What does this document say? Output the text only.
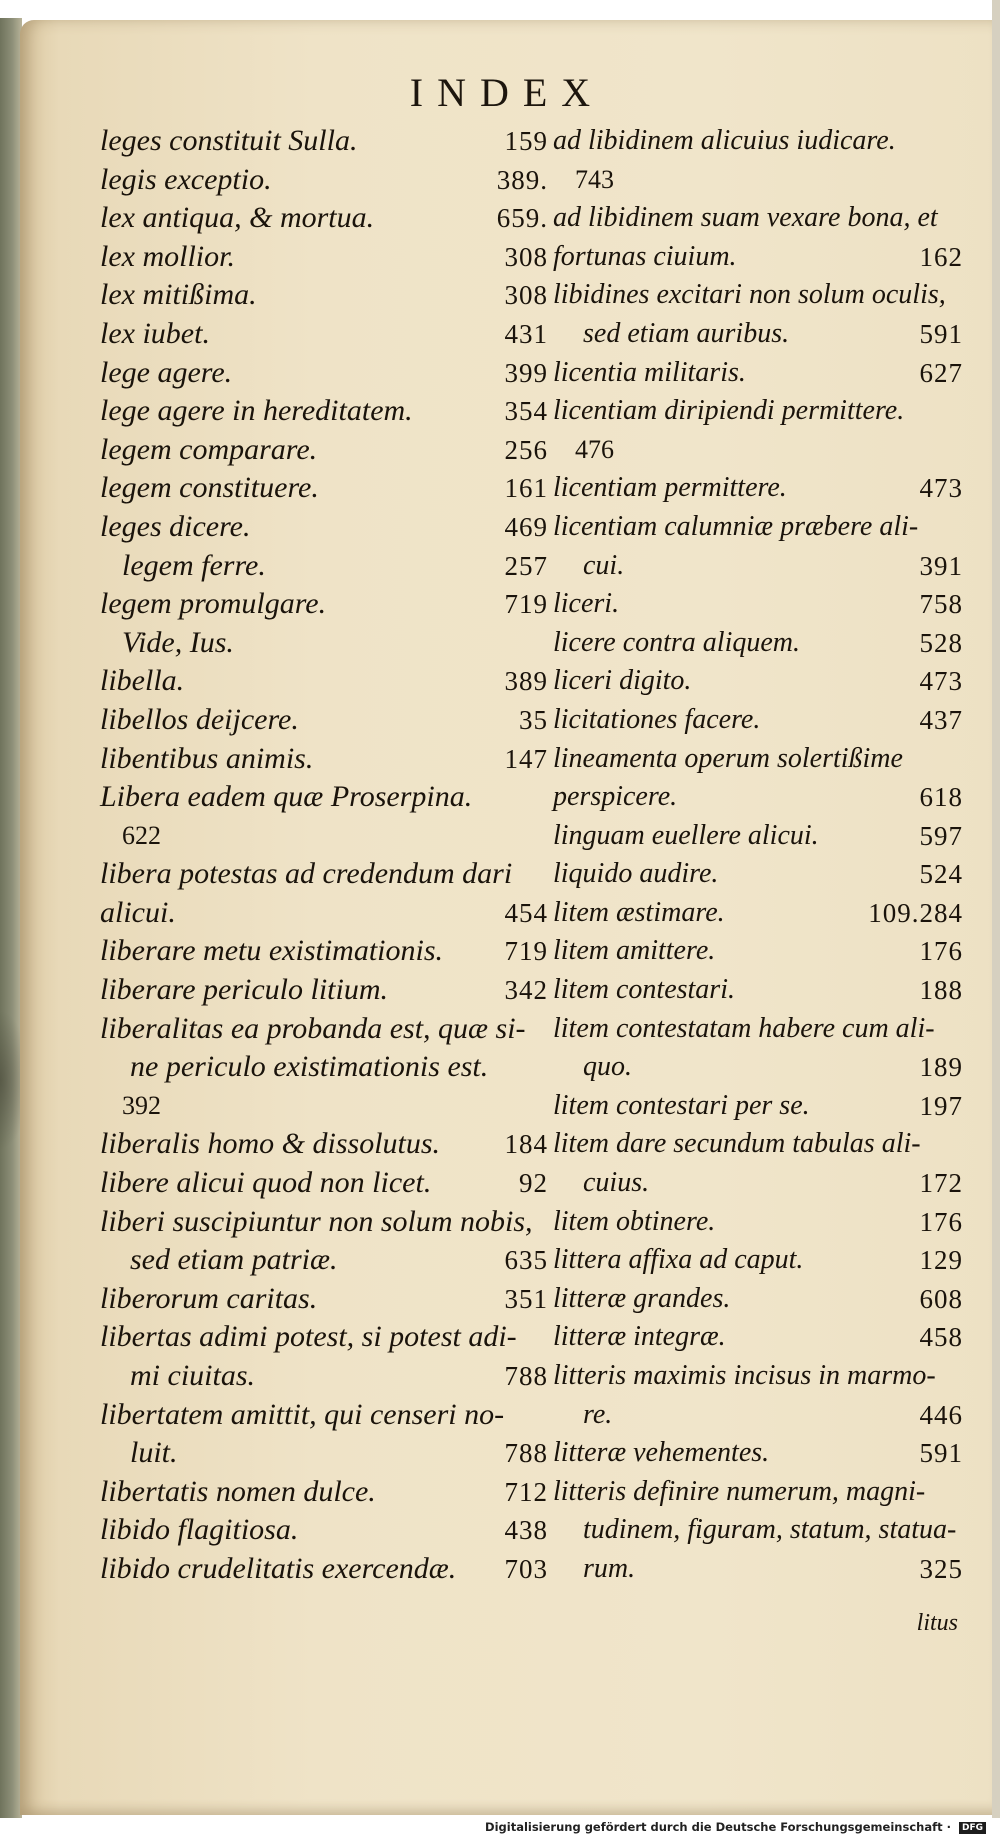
INDEX
leges constituit Sulla.	159
legis exceptio.	389.
lex antiqua, & mortua.	659.
lex mollior.	308
lex mitißima.	308
lex iubet.	431
lege agere.	399
lege agere in hereditatem.	354
legem comparare.	256
legem constituere.	161
leges dicere.	469
legem ferre.	257
legem promulgare.	719
Vide, Ius.
libella.	389
libellos deijcere.	35
libentibus animis.	147
Libera eadem quæ Proserpina.
622
libera potestas ad credendum dari
alicui.	454
liberare metu existimationis. 719
liberare periculo litium.	342
liberalitas ea probanda est, quæ si-
ne periculo existimationis est.
392
liberalis homo & dissolutus. 184
libere alicui quod non licet.	92
liberi suscipiuntur non solum nobis,
sed etiam patriæ.	635
liberorum caritas.	351
libertas adimi potest, si potest adi-
mi ciuitas.	788
libertatem amittit, qui censeri no-
luit.	788
libertatis nomen dulce.	712
libido flagitiosa.	438
libido crudelitatis exercendæ. 703
ad libidinem alicuius iudicare.
743
ad libidinem suam vexare bona, et
fortunas ciuium.	162
libidines excitari non solum oculis,
sed etiam auribus.	591
licentia militaris.	627
licentiam diripiendi permittere.
476
licentiam permittere.	473
licentiam calumniæ præbere ali-
cui.	391
liceri.	758
licere contra aliquem.	528
liceri digito.	473
licitationes facere.	437
lineamenta operum solertißime
perspicere.	618
linguam euellere alicui.	597
liquido audire.	524
litem æstimare.	109.284
litem amittere.	176
litem contestari.	188
litem contestatam habere cum ali-
quo.	189
litem contestari per se.	197
litem dare secundum tabulas ali-
cuius.	172
litem obtinere.	176
littera affixa ad caput.	129
litteræ grandes.	608
litteræ integræ.	458
litteris maximis incisus in marmo-
re.	446
litteræ vehementes.	591
litteris definire numerum, magni-
tudinem, figuram, statum, statua-
rum.	325
litus
Digitalisierung gefördert durch die Deutsche Forschungsgemeinschaft · DFG
